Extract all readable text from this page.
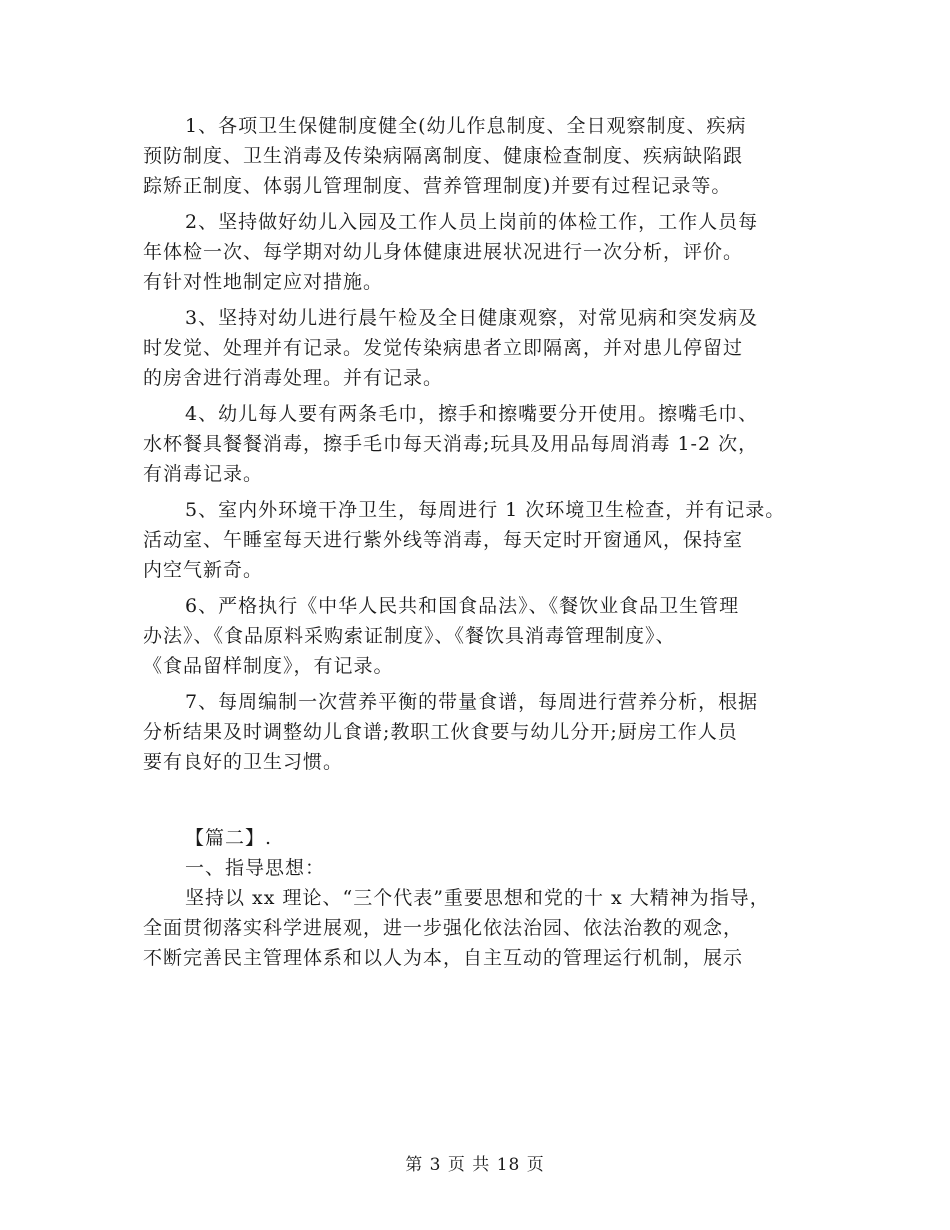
1、各项卫生保健制度健全(幼儿作息制度、全日观察制度、疾病
预防制度、卫生消毒及传染病隔离制度、健康检查制度、疾病缺陷跟
踪矫正制度、体弱儿管理制度、营养管理制度)并要有过程记录等。
2、坚持做好幼儿入园及工作人员上岗前的体检工作，工作人员每
年体检一次、每学期对幼儿身体健康进展状况进行一次分析，评价。
有针对性地制定应对措施。
3、坚持对幼儿进行晨午检及全日健康观察，对常见病和突发病及
时发觉、处理并有记录。发觉传染病患者立即隔离，并对患儿停留过
的房舍进行消毒处理。并有记录。
4、幼儿每人要有两条毛巾，擦手和擦嘴要分开使用。擦嘴毛巾、
水杯餐具餐餐消毒，擦手毛巾每天消毒;玩具及用品每周消毒 1-2 次，
有消毒记录。
5、室内外环境干净卫生，每周进行 1 次环境卫生检查，并有记录。
活动室、午睡室每天进行紫外线等消毒，每天定时开窗通风，保持室
内空气新奇。
6、严格执行《中华人民共和国食品法》、《餐饮业食品卫生管理
办法》、《食品原料采购索证制度》、《餐饮具消毒管理制度》、
《食品留样制度》，有记录。
7、每周编制一次营养平衡的带量食谱，每周进行营养分析，根据
分析结果及时调整幼儿食谱;教职工伙食要与幼儿分开;厨房工作人员
要有良好的卫生习惯。
【篇二】.
一、指导思想：
坚持以 xx 理论、“三个代表”重要思想和党的十 x 大精神为指导，
全面贯彻落实科学进展观，进一步强化依法治园、依法治教的观念，
不断完善民主管理体系和以人为本，自主互动的管理运行机制，展示
第 3 页 共 18 页
